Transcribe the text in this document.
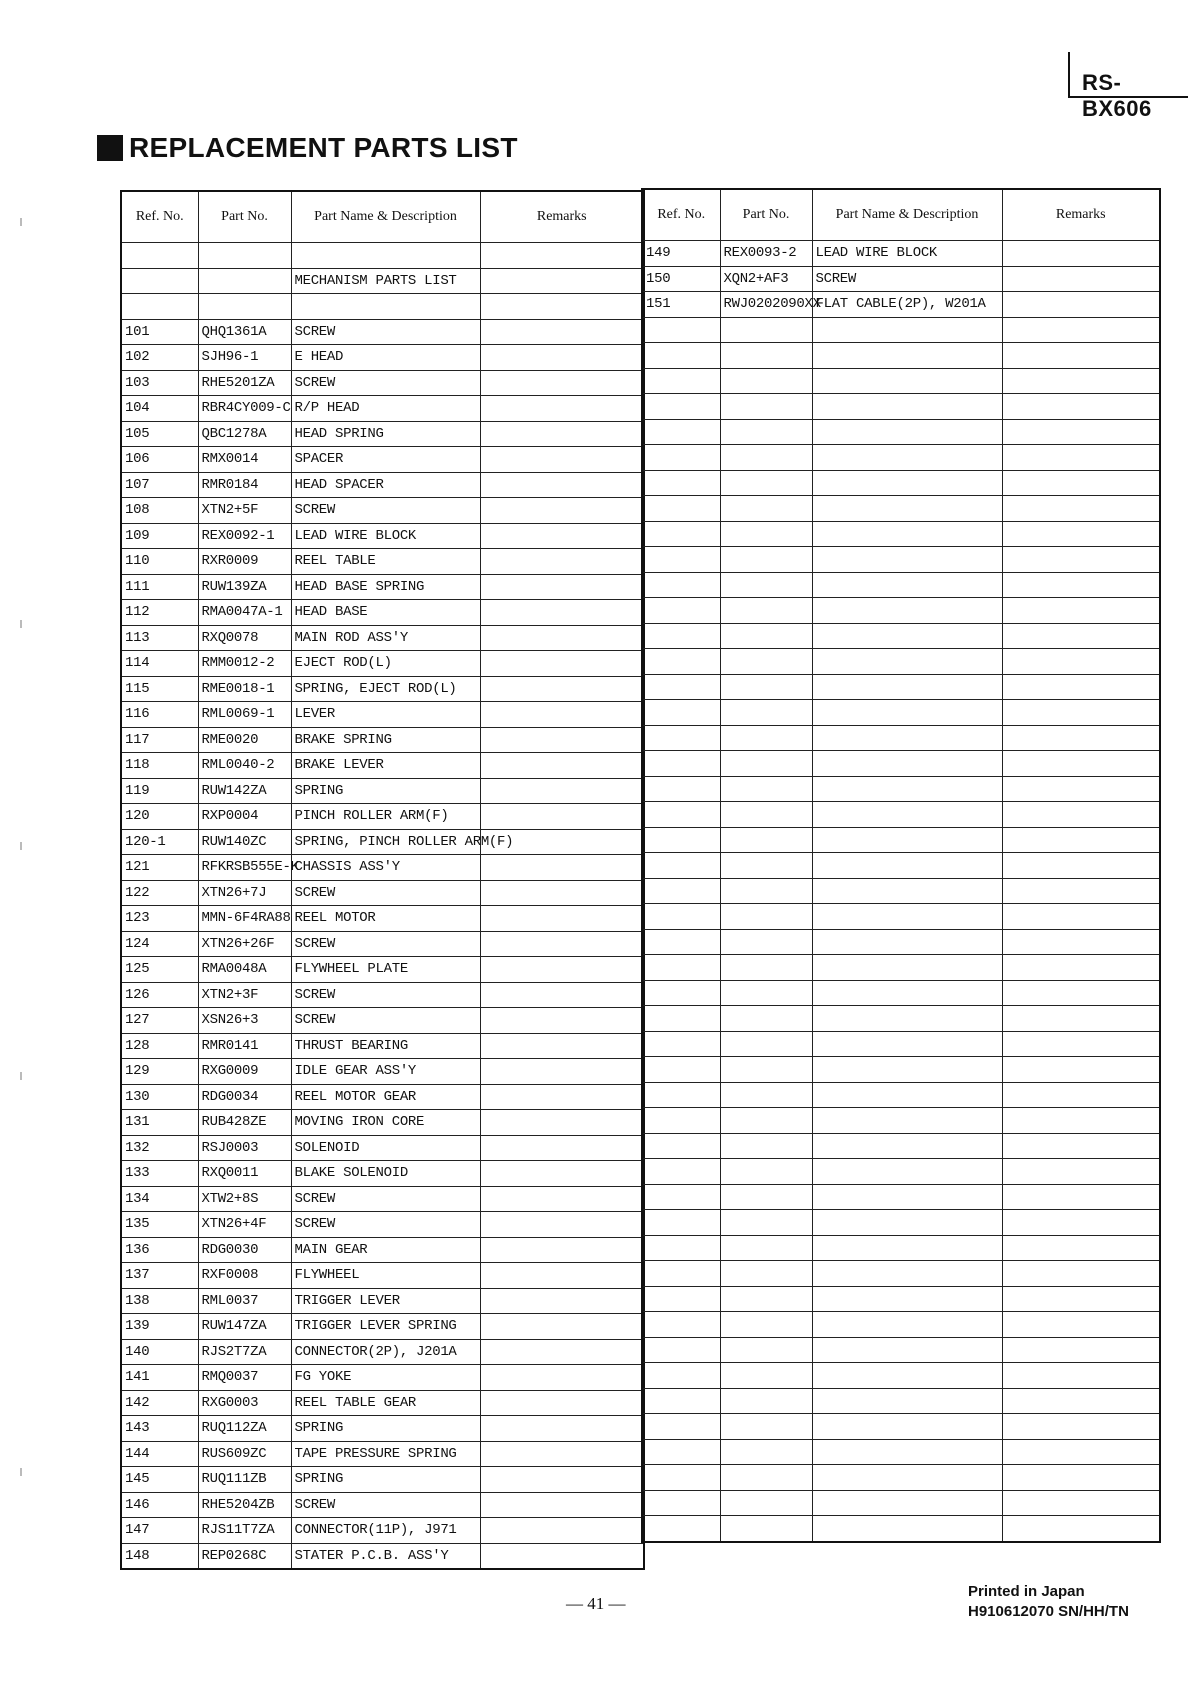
RS-BX606
REPLACEMENT PARTS LIST
Ref. No.	Part No.	Part Name & Description	Remarks

		MECHANISM PARTS LIST	

101	QHQ1361A	SCREW	
102	SJH96-1	E HEAD	
103	RHE5201ZA	SCREW	
104	RBR4CY009-C	R/P HEAD	
105	QBC1278A	HEAD SPRING	
106	RMX0014	SPACER	
107	RMR0184	HEAD SPACER	
108	XTN2+5F	SCREW	
109	REX0092-1	LEAD WIRE BLOCK	
110	RXR0009	REEL TABLE	
111	RUW139ZA	HEAD BASE SPRING	
112	RMA0047A-1	HEAD BASE	
113	RXQ0078	MAIN ROD ASS'Y	
114	RMM0012-2	EJECT ROD(L)	
115	RME0018-1	SPRING, EJECT ROD(L)	
116	RML0069-1	LEVER	
117	RME0020	BRAKE SPRING	
118	RML0040-2	BRAKE LEVER	
119	RUW142ZA	SPRING	
120	RXP0004	PINCH ROLLER ARM(F)	
120-1	RUW140ZC	SPRING, PINCH ROLLER ARM(F)	
121	RFKRSB555E-K	CHASSIS ASS'Y	
122	XTN26+7J	SCREW	
123	MMN-6F4RA88	REEL MOTOR	
124	XTN26+26F	SCREW	
125	RMA0048A	FLYWHEEL PLATE	
126	XTN2+3F	SCREW	
127	XSN26+3	SCREW	
128	RMR0141	THRUST BEARING	
129	RXG0009	IDLE GEAR ASS'Y	
130	RDG0034	REEL MOTOR GEAR	
131	RUB428ZE	MOVING IRON CORE	
132	RSJ0003	SOLENOID	
133	RXQ0011	BLAKE SOLENOID	
134	XTW2+8S	SCREW	
135	XTN26+4F	SCREW	
136	RDG0030	MAIN GEAR	
137	RXF0008	FLYWHEEL	
138	RML0037	TRIGGER LEVER	
139	RUW147ZA	TRIGGER LEVER SPRING	
140	RJS2T7ZA	CONNECTOR(2P), J201A	
141	RMQ0037	FG YOKE	
142	RXG0003	REEL TABLE GEAR	
143	RUQ112ZA	SPRING	
144	RUS609ZC	TAPE PRESSURE SPRING	
145	RUQ111ZB	SPRING	
146	RHE5204ZB	SCREW	
147	RJS11T7ZA	CONNECTOR(11P), J971	
148	REP0268C	STATER P.C.B. ASS'Y	
Ref. No.	Part No.	Part Name & Description	Remarks
149	REX0093-2	LEAD WIRE BLOCK	
150	XQN2+AF3	SCREW	
151	RWJ0202090XX	FLAT CABLE(2P), W201A	

— 41 —
Printed in Japan
H910612070 SN/HH/TN
